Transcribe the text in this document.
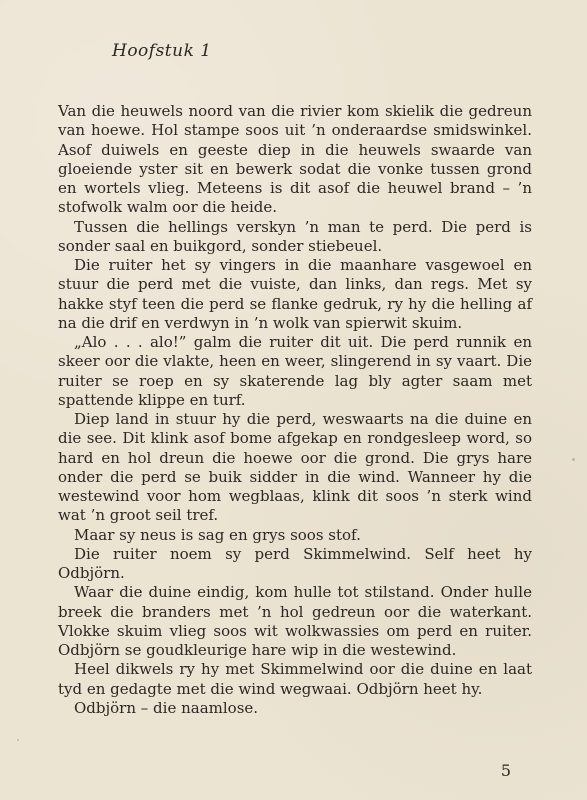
Hoofstuk 1

Van die heuwels noord van die rivier kom skielik die gedreun van hoewe. Hol stampe soos uit ’n onderaardse smidswinkel. Asof duiwels en geeste diep in die heuwels swaarde van gloeiende yster sit en bewerk sodat die vonke tussen grond en wortels vlieg. Meteens is dit asof die heuwel brand – ’n stofwolk walm oor die heide.

Tussen die hellings verskyn ’n man te perd. Die perd is sonder saal en buikgord, sonder stiebeuel.

Die ruiter het sy vingers in die maanhare vasgewoel en stuur die perd met die vuiste, dan links, dan regs. Met sy hakke styf teen die perd se flanke gedruk, ry hy die helling af na die drif en verdwyn in ’n wolk van spierwit skuim.

„Alo . . . alo!” galm die ruiter dit uit. Die perd runnik en skeer oor die vlakte, heen en weer, slingerend in sy vaart. Die ruiter se roep en sy skaterende lag bly agter saam met spattende klippe en turf.

Diep land in stuur hy die perd, weswaarts na die duine en die see. Dit klink asof bome afgekap en rondgesleep word, so hard en hol dreun die hoewe oor die grond. Die grys hare onder die perd se buik sidder in die wind. Wanneer hy die westewind voor hom wegblaas, klink dit soos ’n sterk wind wat ’n groot seil tref.

Maar sy neus is sag en grys soos stof.

Die ruiter noem sy perd Skimmelwind. Self heet hy Odbjörn.

Waar die duine eindig, kom hulle tot stilstand. Onder hulle breek die branders met ’n hol gedreun oor die waterkant. Vlokke skuim vlieg soos wit wolkwassies om perd en ruiter. Odbjörn se goudkleurige hare wip in die westewind.

Heel dikwels ry hy met Skimmelwind oor die duine en laat tyd en gedagte met die wind wegwaai. Odbjörn heet hy.

Odbjörn – die naamlose.

5
